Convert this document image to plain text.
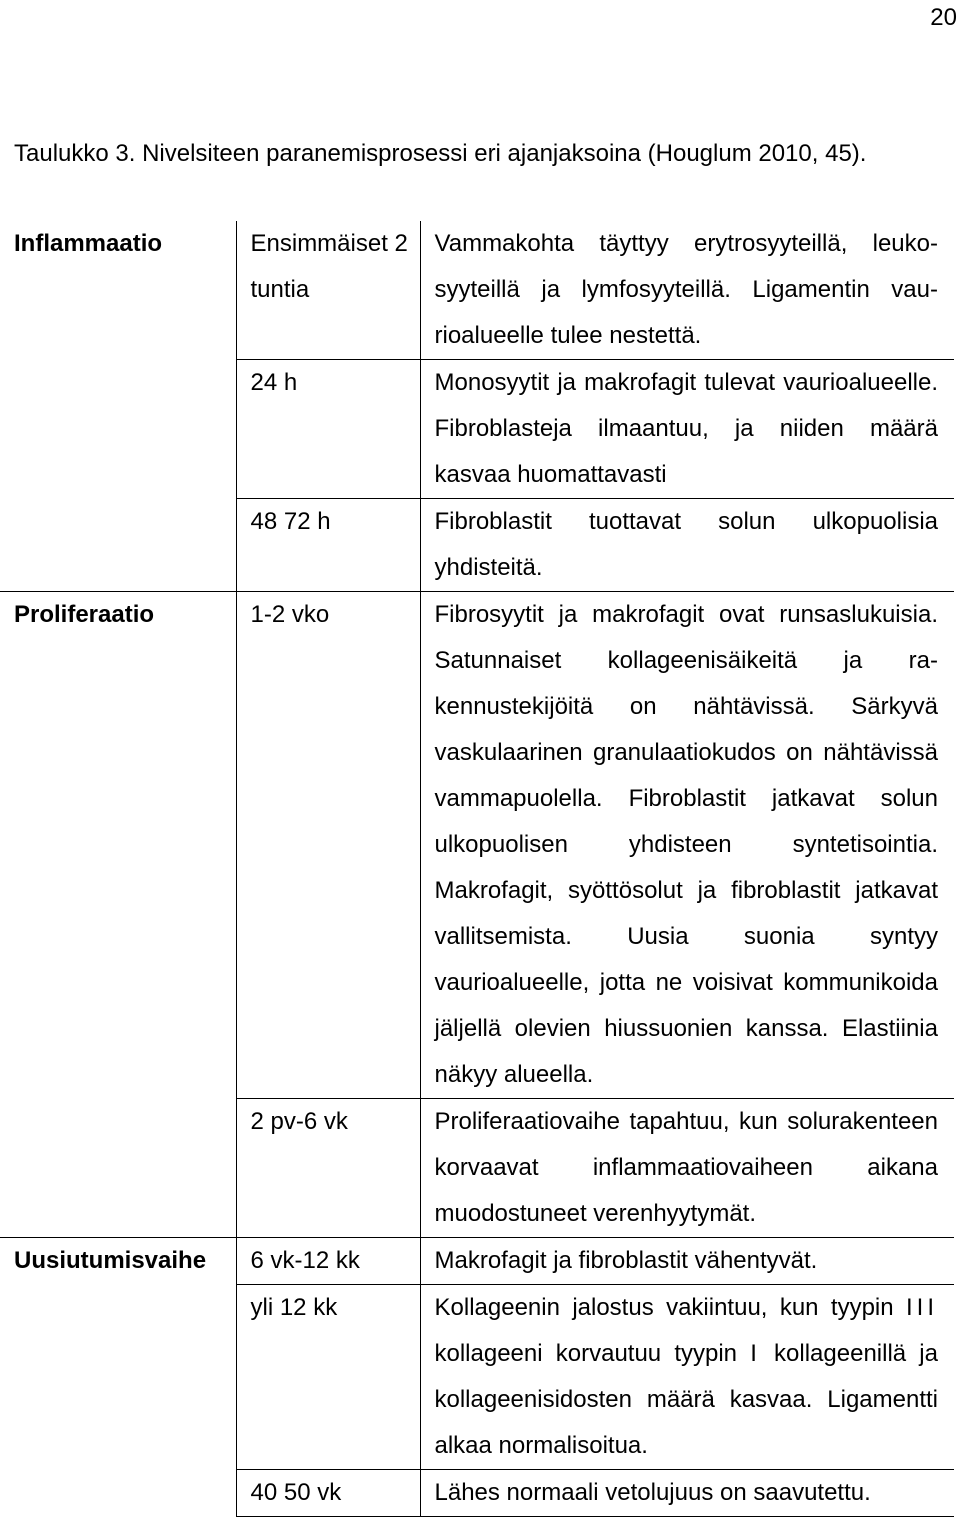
20
Taulukko 3. Nivelsiteen paranemisprosessi eri ajanjaksoina (Houglum 2010, 45).
Inflammaatio	Ensimmäiset 2 tuntia	Vammakohta täyttyy erytrosyyteillä, leukosyyteillä ja lymfosyyteillä. Ligamentin vaurioalueelle tulee nestettä.
	24 h	Monosyytit ja makrofagit tulevat vaurioalueelle. Fibroblasteja ilmaantuu, ja niiden määrä kasvaa huomattavasti
	48 72 h	Fibroblastit tuottavat solun ulkopuolisia yhdisteitä.
Proliferaatio	1-2 vko	Fibrosyytit ja makrofagit ovat runsaslukuisia. Satunnaiset kollageenisäikeitä ja rakennustekijöitä on nähtävissä. Särkyvä vaskulaarinen granulaatiokudos on nähtävissä vammapuolella. Fibroblastit jatkavat solun ulkopuolisen yhdisteen syntetisointia. Makrofagit, syöttösolut ja fibroblastit jatkavat vallitsemista. Uusia suonia syntyy vaurioalueelle, jotta ne voisivat kommunikoida jäljellä olevien hiussuonien kanssa. Elastiinia näkyy alueella.
	2 pv-6 vk	Proliferaatiovaihe tapahtuu, kun solurakenteen korvaavat inflammaatiovaiheen aikana muodostuneet verenhyytymät.
Uusiutumisvaihe	6 vk-12 kk	Makrofagit ja fibroblastit vähentyvät.
	yli 12 kk	Kollageenin jalostus vakiintuu, kun tyypin III kollageeni korvautuu tyypin I kollageenillä ja kollageenisidosten määrä kasvaa. Ligamentti alkaa normalisoitua.
	40 50 vk	Lähes normaali vetolujuus on saavutettu.
